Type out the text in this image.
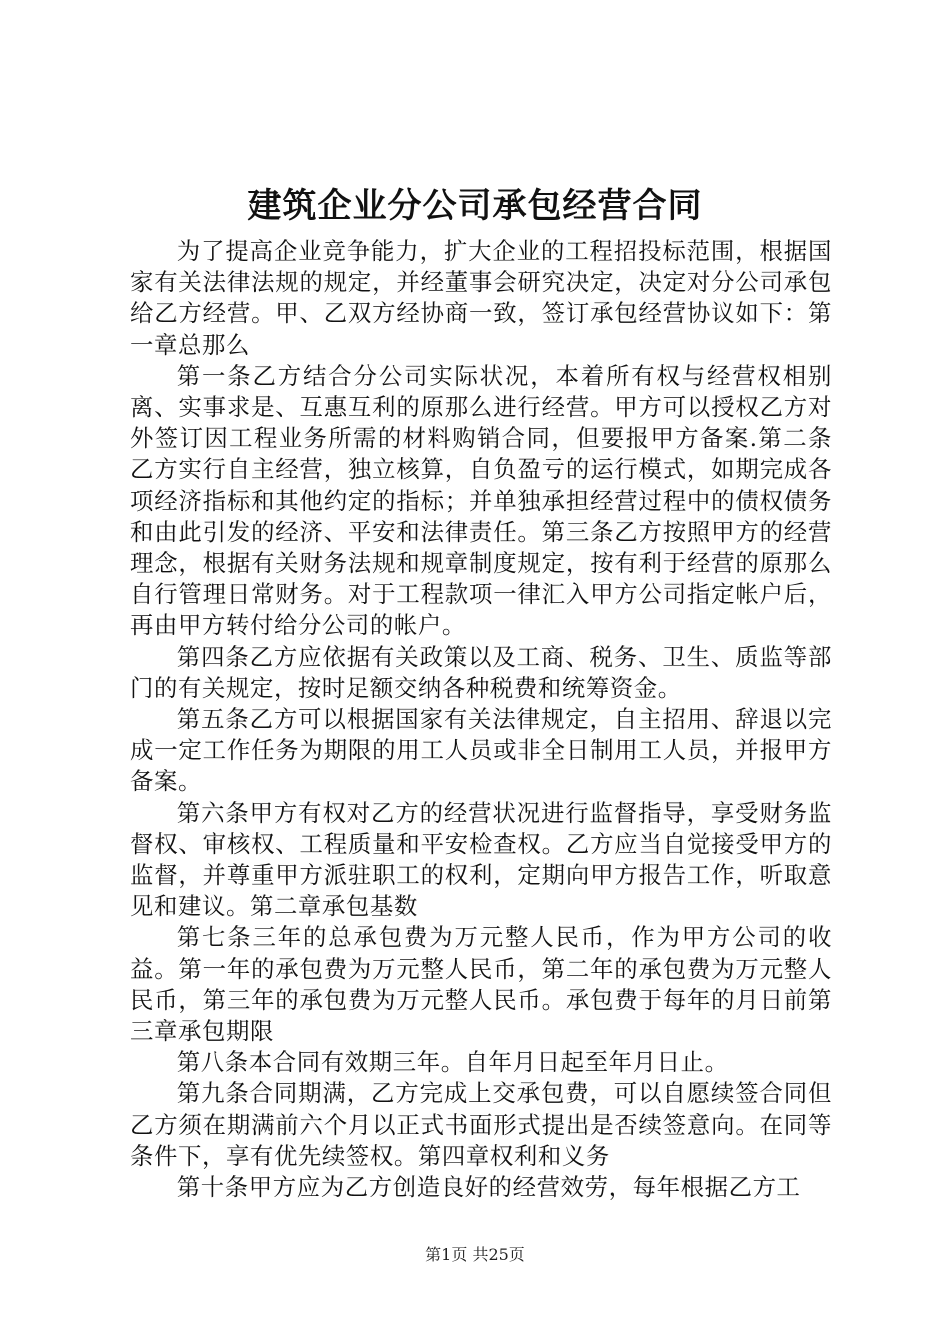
建筑企业分公司承包经营合同

为了提高企业竞争能力，扩大企业的工程招投标范围，根据国家有关法律法规的规定，并经董事会研究决定，决定对分公司承包给乙方经营。甲、乙双方经协商一致，签订承包经营协议如下：第一章总那么

第一条乙方结合分公司实际状况，本着所有权与经营权相别离、实事求是、互惠互利的原那么进行经营。甲方可以授权乙方对外签订因工程业务所需的材料购销合同，但要报甲方备案.第二条乙方实行自主经营，独立核算，自负盈亏的运行模式，如期完成各项经济指标和其他约定的指标；并单独承担经营过程中的债权债务和由此引发的经济、平安和法律责任。第三条乙方按照甲方的经营理念，根据有关财务法规和规章制度规定，按有利于经营的原那么自行管理日常财务。对于工程款项一律汇入甲方公司指定帐户后，再由甲方转付给分公司的帐户。

第四条乙方应依据有关政策以及工商、税务、卫生、质监等部门的有关规定，按时足额交纳各种税费和统筹资金。

第五条乙方可以根据国家有关法律规定，自主招用、辞退以完成一定工作任务为期限的用工人员或非全日制用工人员，并报甲方备案。

第六条甲方有权对乙方的经营状况进行监督指导，享受财务监督权、审核权、工程质量和平安检查权。乙方应当自觉接受甲方的监督，并尊重甲方派驻职工的权利，定期向甲方报告工作，听取意见和建议。第二章承包基数

第七条三年的总承包费为万元整人民币，作为甲方公司的收益。第一年的承包费为万元整人民币，第二年的承包费为万元整人民币，第三年的承包费为万元整人民币。承包费于每年的月日前第三章承包期限

第八条本合同有效期三年。自年月日起至年月日止。

第九条合同期满，乙方完成上交承包费，可以自愿续签合同但乙方须在期满前六个月以正式书面形式提出是否续签意向。在同等条件下，享有优先续签权。第四章权利和义务

第十条甲方应为乙方创造良好的经营效劳，每年根据乙方工

第1页 共25页
